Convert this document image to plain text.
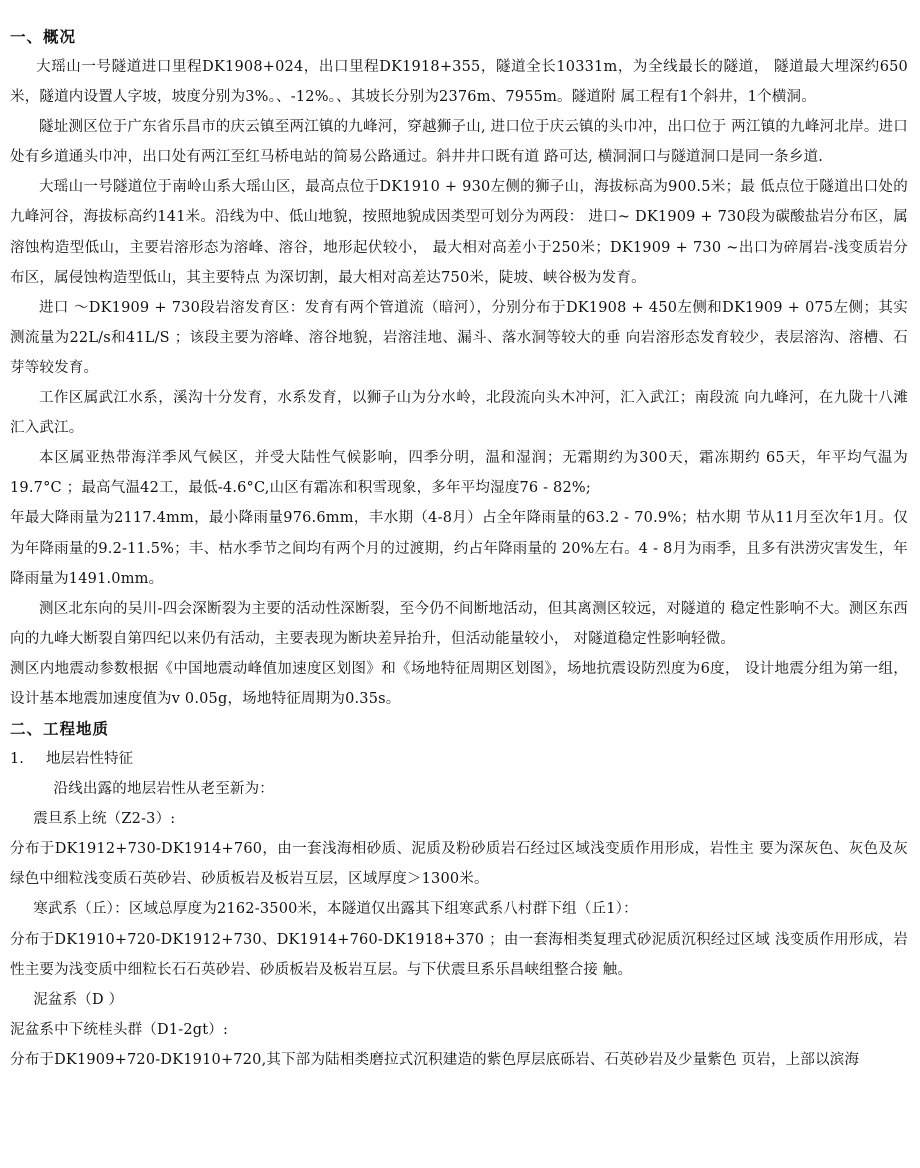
一、概况

大瑶山一号隧道进口里程DK1908+024，出口里程DK1918+355，隧道全长10331m，为全线最长的隧道， 隧道最大埋深约650米，隧道内设置人字坡，坡度分别为3%。、-12%。、其坡长分别为2376m、7955m。隧道附 属工程有1个斜井，1个横洞。

隧址测区位于广东省乐昌市的庆云镇至两江镇的九峰河，穿越狮子山, 进口位于庆云镇的头巾冲，出口位于 两江镇的九峰河北岸。进口处有乡道通头巾冲，出口处有两江至红马桥电站的简易公路通过。斜井井口既有道 路可达, 横洞洞口与隧道洞口是同一条乡道.

大瑶山一号隧道位于南岭山系大瑶山区，最高点位于DK1910 + 930左侧的狮子山，海拔标高为900.5米；最 低点位于隧道出口处的九峰河谷，海拔标高约141米。沿线为中、低山地貌，按照地貌成因类型可划分为两段： 进口~ DK1909 + 730段为碳酸盐岩分布区，属溶蚀构造型低山，主要岩溶形态为溶峰、溶谷，地形起伏较小， 最大相对高差小于250米；DK1909 + 730 ~出口为碎屑岩-浅变质岩分布区，属侵蚀构造型低山，其主要特点 为深切割，最大相对高差达750米，陡坡、峡谷极为发育。

进口 ～DK1909 + 730段岩溶发育区：发育有两个管道流（暗河），分别分布于DK1908 + 450左侧和DK1909 + 075左侧；其实测流量为22L/s和41L/S ；该段主要为溶峰、溶谷地貌，岩溶洼地、漏斗、落水洞等较大的垂 向岩溶形态发育较少，表层溶沟、溶槽、石芽等较发育。

工作区属武江水系，溪沟十分发育，水系发育，以狮子山为分水岭，北段流向头木冲河，汇入武江；南段流 向九峰河，在九陇十八滩汇入武江。

本区属亚热带海洋季风气候区，并受大陆性气候影响，四季分明，温和湿润；无霜期约为300天，霜冻期约 65天，年平均气温为19.7°C ；最高气温42工，最低-4.6°C,山区有霜冻和积雪现象，多年平均湿度76 - 82%;

年最大降雨量为2117.4mm，最小降雨量976.6mm，丰水期（4-8月）占全年降雨量的63.2 - 70.9%；枯水期 节从11月至次年1月。仅为年降雨量的9.2-11.5%；丰、枯水季节之间均有两个月的过渡期，约占年降雨量的 20%左右。4 - 8月为雨季，且多有洪涝灾害发生，年降雨量为1491.0mm。

测区北东向的吴川-四会深断裂为主要的活动性深断裂，至今仍不间断地活动，但其离测区较远，对隧道的 稳定性影响不大。测区东西向的九峰大断裂自第四纪以来仍有活动，主要表现为断块差异抬升，但活动能量较小， 对隧道稳定性影响轻微。

测区内地震动参数根据《中国地震动峰值加速度区划图》和《场地特征周期区划图》，场地抗震设防烈度为6度， 设计地震分组为第一组，设计基本地震加速度值为v 0.05g，场地特征周期为0.35s。

二、工程地质
1.	地层岩性特征

沿线出露的地层岩性从老至新为：

震旦系上统（Z2-3）:

分布于DK1912+730-DK1914+760，由一套浅海相砂质、泥质及粉砂质岩石经过区域浅变质作用形成，岩性主 要为深灰色、灰色及灰绿色中细粒浅变质石英砂岩、砂质板岩及板岩互层，区域厚度＞1300米。

寒武系（丘）：区域总厚度为2162-3500米，本隧道仅出露其下组寒武系八村群下组（丘1）：

分布于DK1910+720-DK1912+730、DK1914+760-DK1918+370 ；由一套海相类复理式砂泥质沉积经过区域 浅变质作用形成，岩性主要为浅变质中细粒长石石英砂岩、砂质板岩及板岩互层。与下伏震旦系乐昌峡组整合接 触。

泥盆系（D ）

泥盆系中下统桂头群（D1-2gt）:

分布于DK1909+720-DK1910+720,其下部为陆相类磨拉式沉积建造的紫色厚层底砾岩、石英砂岩及少量紫色 页岩，上部以滨海
